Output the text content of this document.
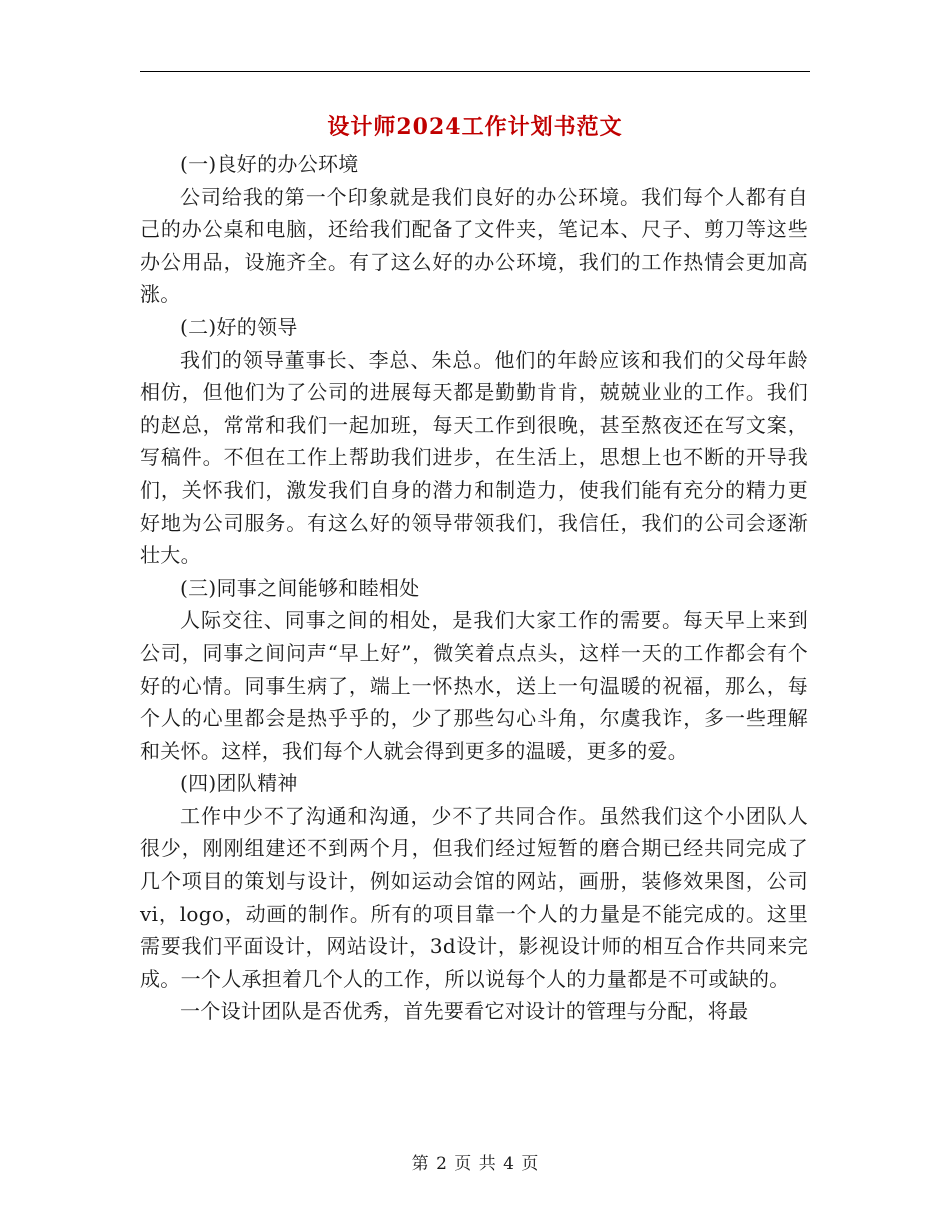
设计师2024工作计划书范文

(一)良好的办公环境

公司给我的第一个印象就是我们良好的办公环境。我们每个人都有自己的办公桌和电脑，还给我们配备了文件夹，笔记本、尺子、剪刀等这些办公用品，设施齐全。有了这么好的办公环境，我们的工作热情会更加高涨。

(二)好的领导

我们的领导董事长、李总、朱总。他们的年龄应该和我们的父母年龄相仿，但他们为了公司的进展每天都是勤勤肯肯，兢兢业业的工作。我们的赵总，常常和我们一起加班，每天工作到很晚，甚至熬夜还在写文案，写稿件。不但在工作上帮助我们进步，在生活上，思想上也不断的开导我们，关怀我们，激发我们自身的潜力和制造力，使我们能有充分的精力更好地为公司服务。有这么好的领导带领我们，我信任，我们的公司会逐渐壮大。

(三)同事之间能够和睦相处

人际交往、同事之间的相处，是我们大家工作的需要。每天早上来到公司，同事之间问声“早上好”，微笑着点点头，这样一天的工作都会有个好的心情。同事生病了，端上一怀热水，送上一句温暖的祝福，那么，每个人的心里都会是热乎乎的，少了那些勾心斗角，尔虞我诈，多一些理解和关怀。这样，我们每个人就会得到更多的温暖，更多的爱。

(四)团队精神

工作中少不了沟通和沟通，少不了共同合作。虽然我们这个小团队人很少，刚刚组建还不到两个月，但我们经过短暂的磨合期已经共同完成了几个项目的策划与设计，例如运动会馆的网站，画册，装修效果图，公司vi，logo，动画的制作。所有的项目靠一个人的力量是不能完成的。这里需要我们平面设计，网站设计，3d设计，影视设计师的相互合作共同来完成。一个人承担着几个人的工作，所以说每个人的力量都是不可或缺的。

一个设计团队是否优秀，首先要看它对设计的管理与分配，将最

第 2 页 共 4 页
